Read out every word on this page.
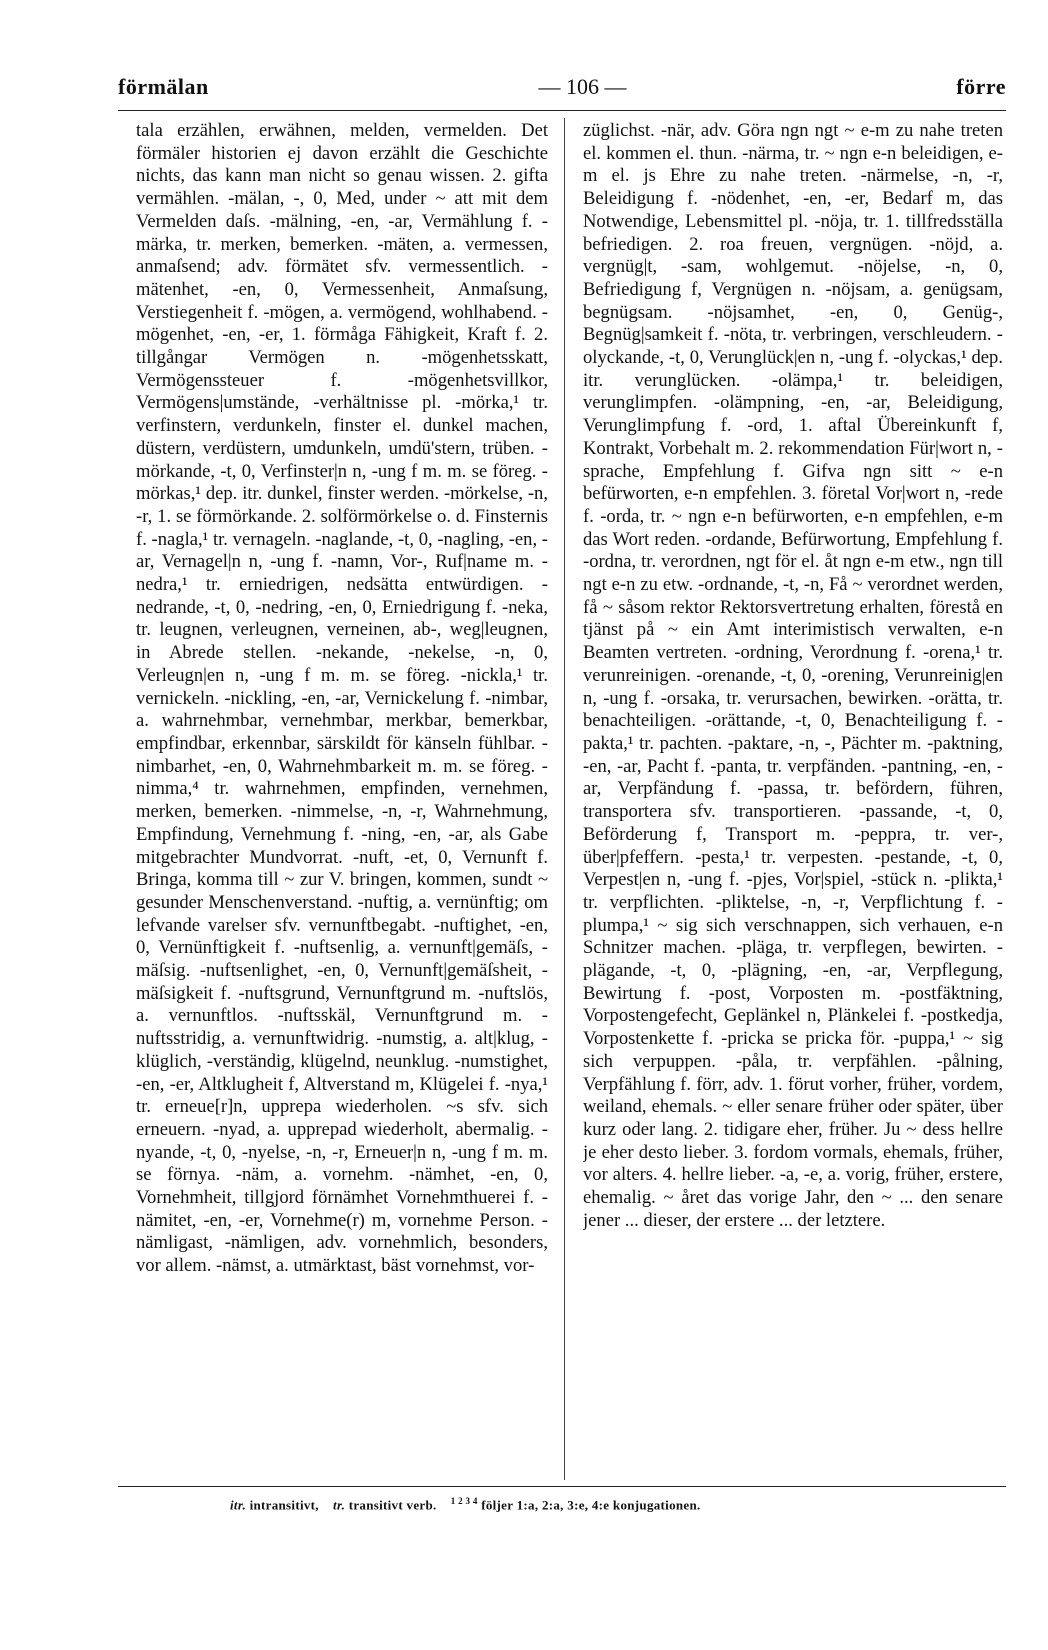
förmälan	— 106 —	förre
tala erzählen, erwähnen, melden, vermelden. Det förmäler historien ej davon erzählt die Geschichte nichts, das kann man nicht so genau wissen. 2. gifta vermählen. -mälan, -, 0, Med, under ~ att mit dem Vermelden daſs. -mälning, -en, -ar, Vermählung f. -märka, tr. merken, bemerken. -mäten, a. vermessen, anmaſsend; adv. förmätet sfv. vermessentlich. -mätenhet, -en, 0, Vermessenheit, Anmaſsung, Verstiegenheit f. -mögen, a. vermögend, wohlhabend. -mögenhet, -en, -er, 1. förmåga Fähigkeit, Kraft f. 2. tillgångar Vermögen n. -mögenhetsskatt, Vermögenssteuer f. -mögenhetsvillkor, Vermögens|umstände, -verhältnisse pl. -mörka,¹ tr. verfinstern, verdunkeln, finster el. dunkel machen, düstern, verdüstern, umdunkeln, umdü'stern, trüben. -mörkande, -t, 0, Verfinster|n n, -ung f m. m. se föreg. -mörkas,¹ dep. itr. dunkel, finster werden. -mörkelse, -n, -r, 1. se förmörkande. 2. solförmörkelse o. d. Finsternis f. -nagla,¹ tr. vernageln. -naglande, -t, 0, -nagling, -en, -ar, Vernagel|n n, -ung f. -namn, Vor-, Ruf|name m. -nedra,¹ tr. erniedrigen, nedsätta entwürdigen. -nedrande, -t, 0, -nedring, -en, 0, Erniedrigung f. -neka, tr. leugnen, verleugnen, verneinen, ab-, weg|leugnen, in Abrede stellen. -nekande, -nekelse, -n, 0, Verleugn|en n, -ung f m. m. se föreg. -nickla,¹ tr. vernickeln. -nickling, -en, -ar, Vernickelung f. -nimbar, a. wahrnehmbar, vernehmbar, merkbar, bemerkbar, empfindbar, erkennbar, särskildt för känseln fühlbar. -nimbarhet, -en, 0, Wahrnehmbarkeit m. m. se föreg. -nimma,⁴ tr. wahrnehmen, empfinden, vernehmen, merken, bemerken. -nimmelse, -n, -r, Wahrnehmung, Empfindung, Vernehmung f. -ning, -en, -ar, als Gabe mitgebrachter Mundvorrat. -nuft, -et, 0, Vernunft f. Bringa, komma till ~ zur V. bringen, kommen, sundt ~ gesunder Menschenverstand. -nuftig, a. vernünftig; om lefvande varelser sfv. vernunftbegabt. -nuftighet, -en, 0, Vernünftigkeit f. -nuftsenlig, a. vernunft|gemäſs, -mäſsig. -nuftsenlighet, -en, 0, Vernunft|gemäſsheit, -mäſsigkeit f. -nuftsgrund, Vernunftgrund m. -nuftslös, a. vernunftlos. -nuftsskäl, Vernunftgrund m. -nuftsstridig, a. vernunftwidrig. -numstig, a. alt|klug, -klüglich, -verständig, klügelnd, neunklug. -numstighet, -en, -er, Altklugheit f, Altverstand m, Klügelei f. -nya,¹ tr. erneue[r]n, upprepa wiederholen. ~s sfv. sich erneuern. -nyad, a. upprepad wiederholt, abermalig. -nyande, -t, 0, -nyelse, -n, -r, Erneuer|n n, -ung f m. m. se förnya. -näm, a. vornehm. -nämhet, -en, 0, Vornehmheit, tillgjord förnämhet Vornehmthuerei f. -nämitet, -en, -er, Vornehme(r) m, vornehme Person. -nämligast, -nämligen, adv. vornehmlich, besonders, vor allem. -nämst, a. utmärktast, bäst vornehmst, vor-
züglichst. -när, adv. Göra ngn ngt ~ e-m zu nahe treten el. kommen el. thun. -närma, tr. ~ ngn e-n beleidigen, e-m el. js Ehre zu nahe treten. -närmelse, -n, -r, Beleidigung f. -nödenhet, -en, -er, Bedarf m, das Notwendige, Lebensmittel pl. -nöja, tr. 1. tillfredsställa befriedigen. 2. roa freuen, vergnügen. -nöjd, a. vergnüg|t, -sam, wohlgemut. -nöjelse, -n, 0, Befriedigung f, Vergnügen n. -nöjsam, a. genügsam, begnügsam. -nöjsamhet, -en, 0, Genüg-, Begnüg|samkeit f. -nöta, tr. verbringen, verschleudern. -olyckande, -t, 0, Verunglück|en n, -ung f. -olyckas,¹ dep. itr. verunglücken. -olämpa,¹ tr. beleidigen, verunglimpfen. -olämpning, -en, -ar, Beleidigung, Verunglimpfung f. -ord, 1. aftal Übereinkunft f, Kontrakt, Vorbehalt m. 2. rekommendation Für|wort n, -sprache, Empfehlung f. Gifva ngn sitt ~ e-n befürworten, e-n empfehlen. 3. företal Vor|wort n, -rede f. -orda, tr. ~ ngn e-n befürworten, e-n empfehlen, e-m das Wort reden. -ordande, Befürwortung, Empfehlung f. -ordna, tr. verordnen, ngt för el. åt ngn e-m etw., ngn till ngt e-n zu etw. -ordnande, -t, -n, Få ~ verordnet werden, få ~ såsom rektor Rektorsvertretung erhalten, förestå en tjänst på ~ ein Amt interimistisch verwalten, e-n Beamten vertreten. -ordning, Verordnung f. -orena,¹ tr. verunreinigen. -orenande, -t, 0, -orening, Verunreinig|en n, -ung f. -orsaka, tr. verursachen, bewirken. -orätta, tr. benachteiligen. -orättande, -t, 0, Benachteiligung f. -pakta,¹ tr. pachten. -paktare, -n, -, Pächter m. -paktning, -en, -ar, Pacht f. -panta, tr. verpfänden. -pantning, -en, -ar, Verpfändung f. -passa, tr. befördern, führen, transportera sfv. transportieren. -passande, -t, 0, Beförderung f, Transport m. -peppra, tr. ver-, über|pfeffern. -pesta,¹ tr. verpesten. -pestande, -t, 0, Verpest|en n, -ung f. -pjes, Vor|spiel, -stück n. -plikta,¹ tr. verpflichten. -pliktelse, -n, -r, Verpflichtung f. -plumpa,¹ ~ sig sich verschnappen, sich verhauen, e-n Schnitzer machen. -pläga, tr. verpflegen, bewirten. -plägande, -t, 0, -plägning, -en, -ar, Verpflegung, Bewirtung f. -post, Vorposten m. -postfäktning, Vorpostengefecht, Geplänkel n, Plänkelei f. -postkedja, Vorpostenkette f. -pricka se pricka för. -puppa,¹ ~ sig sich verpuppen. -påla, tr. verpfählen. -pålning, Verpfählung f. förr, adv. 1. förut vorher, früher, vordem, weiland, ehemals. ~ eller senare früher oder später, über kurz oder lang. 2. tidigare eher, früher. Ju ~ dess hellre je eher desto lieber. 3. fordom vormals, ehemals, früher, vor alters. 4. hellre lieber. -a, -e, a. vorig, früher, erstere, ehemalig. ~ året das vorige Jahr, den ~ ... den senare jener ... dieser, der erstere ... der letztere.
itr. intransitivt, tr. transitivt verb. $^{1 2 3 4}$ följer 1:a, 2:a, 3:e, 4:e konjugationen.
